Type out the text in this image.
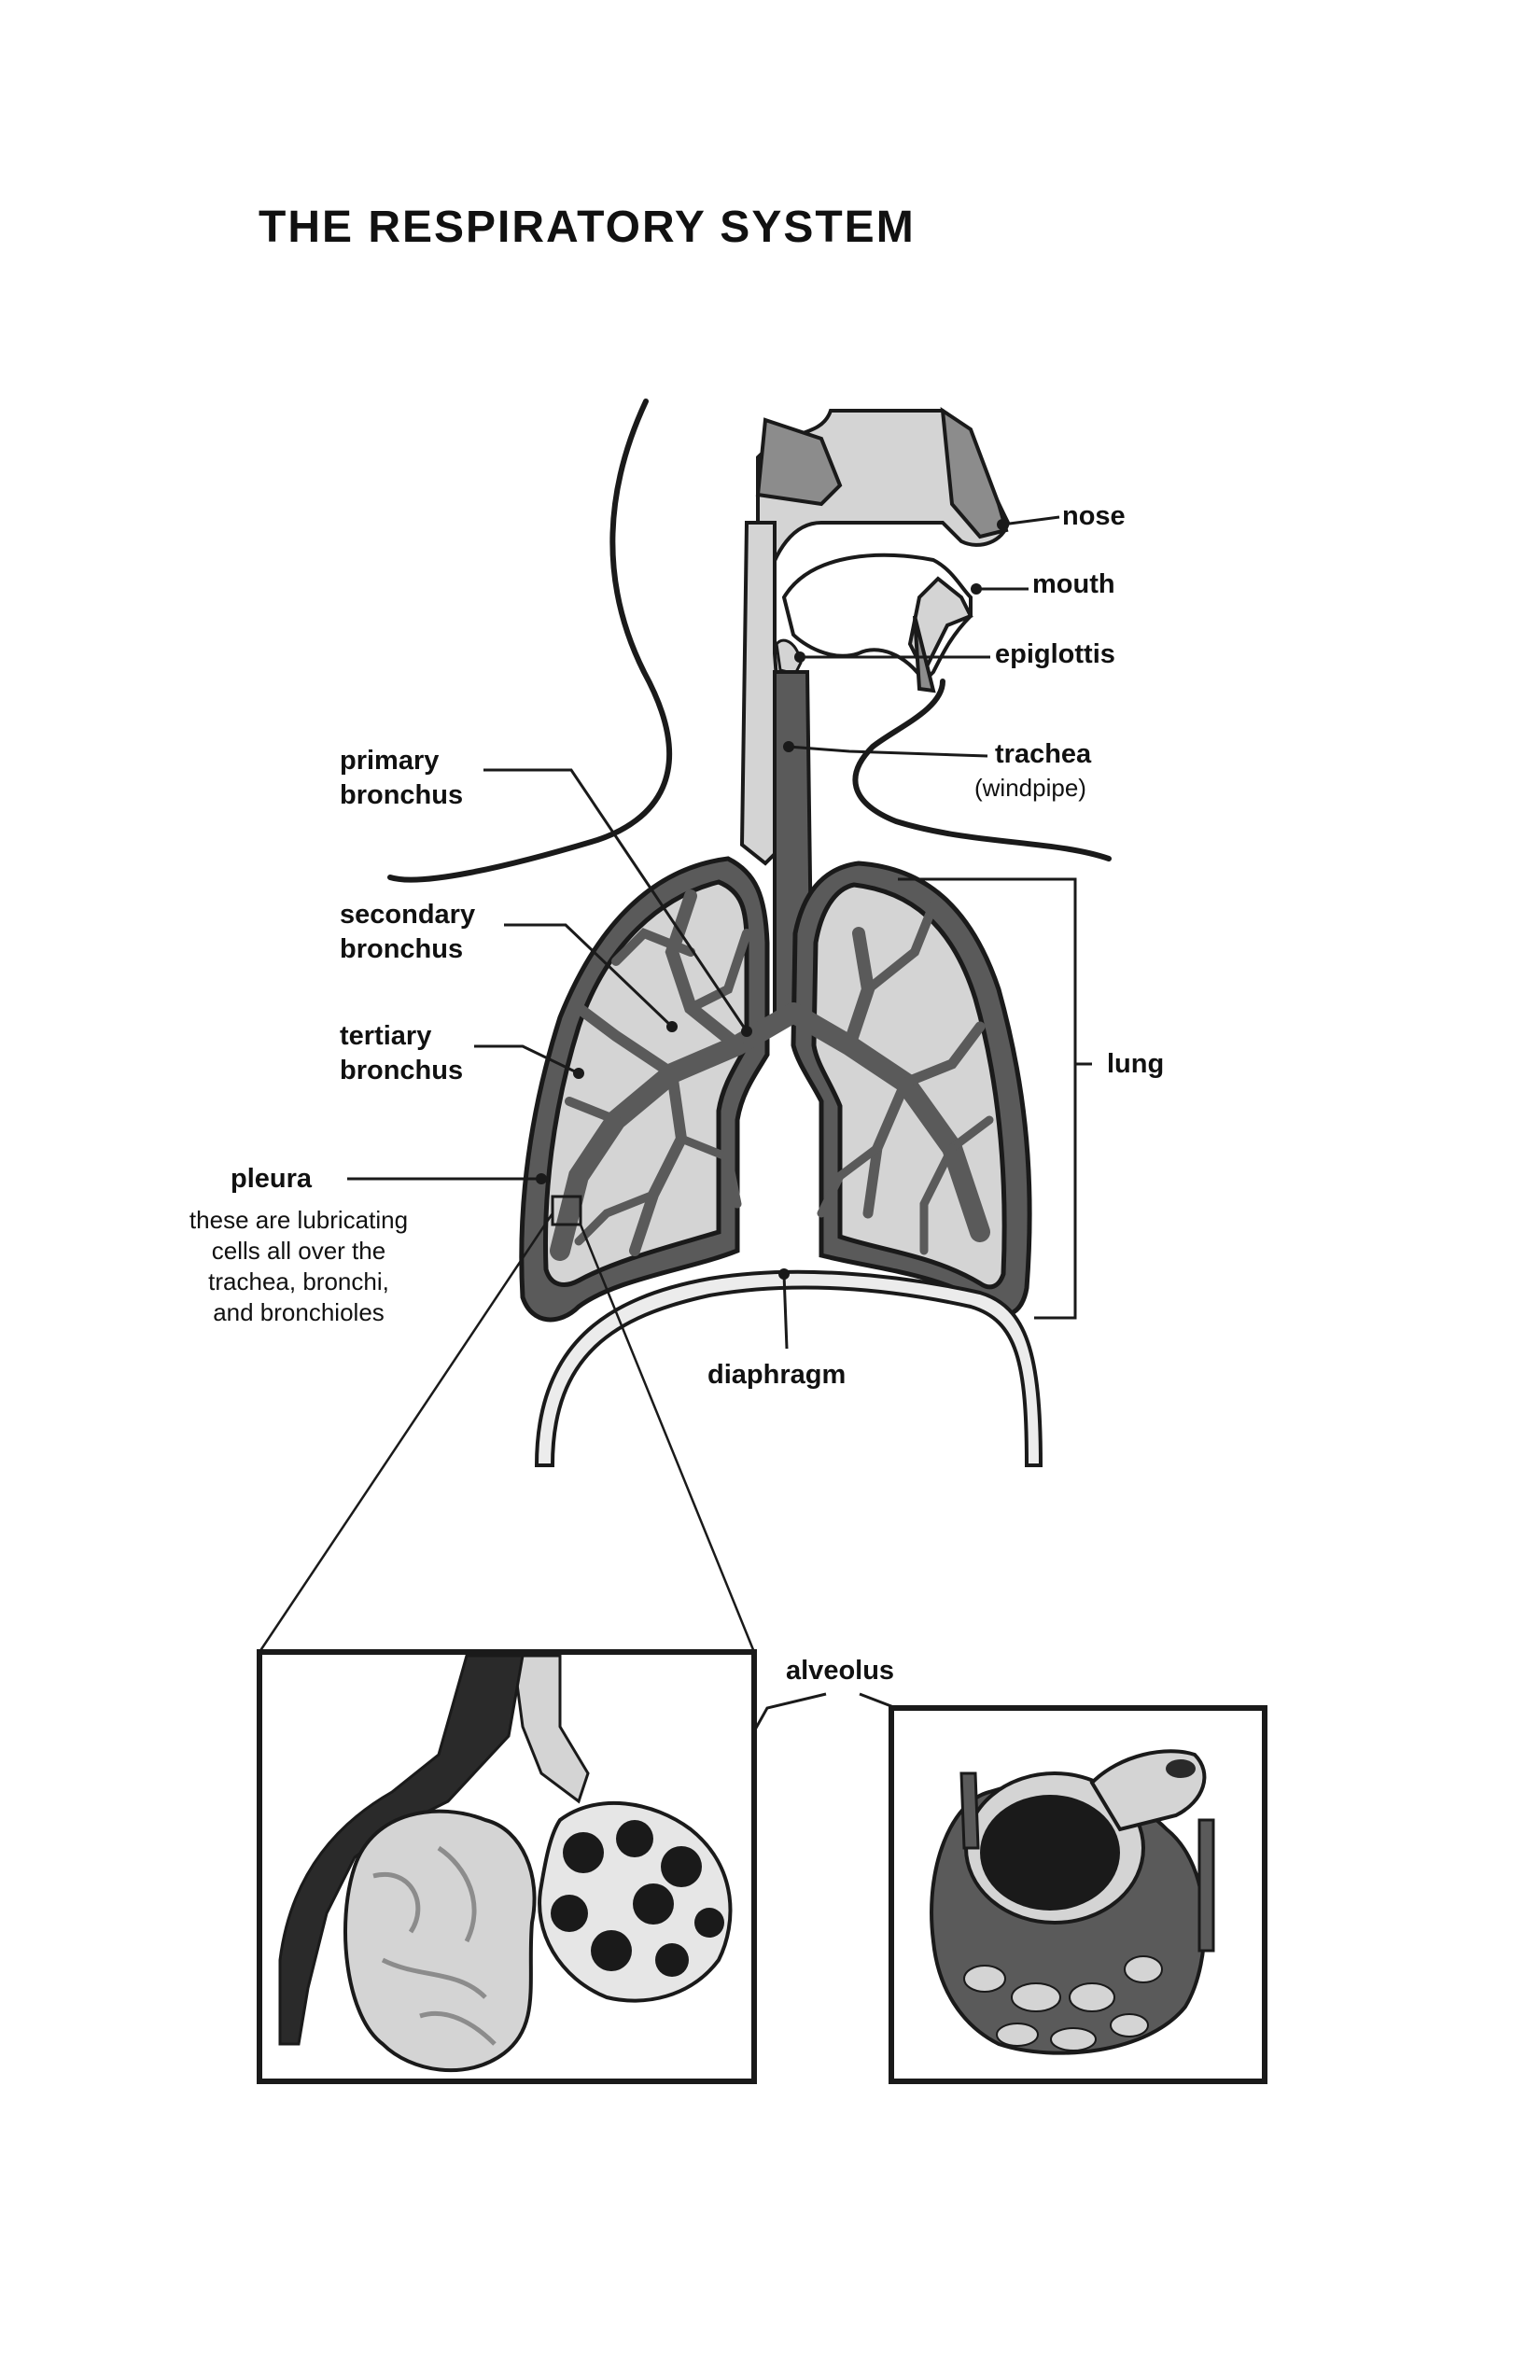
THE RESPIRATORY SYSTEM
nose
mouth
epiglottis
trachea
(windpipe)
primary
bronchus
secondary
bronchus
tertiary
bronchus	lung
pleura
these are lubricating
cells all over the
trachea, bronchi,
and bronchioles
diaphragm
alveolus
